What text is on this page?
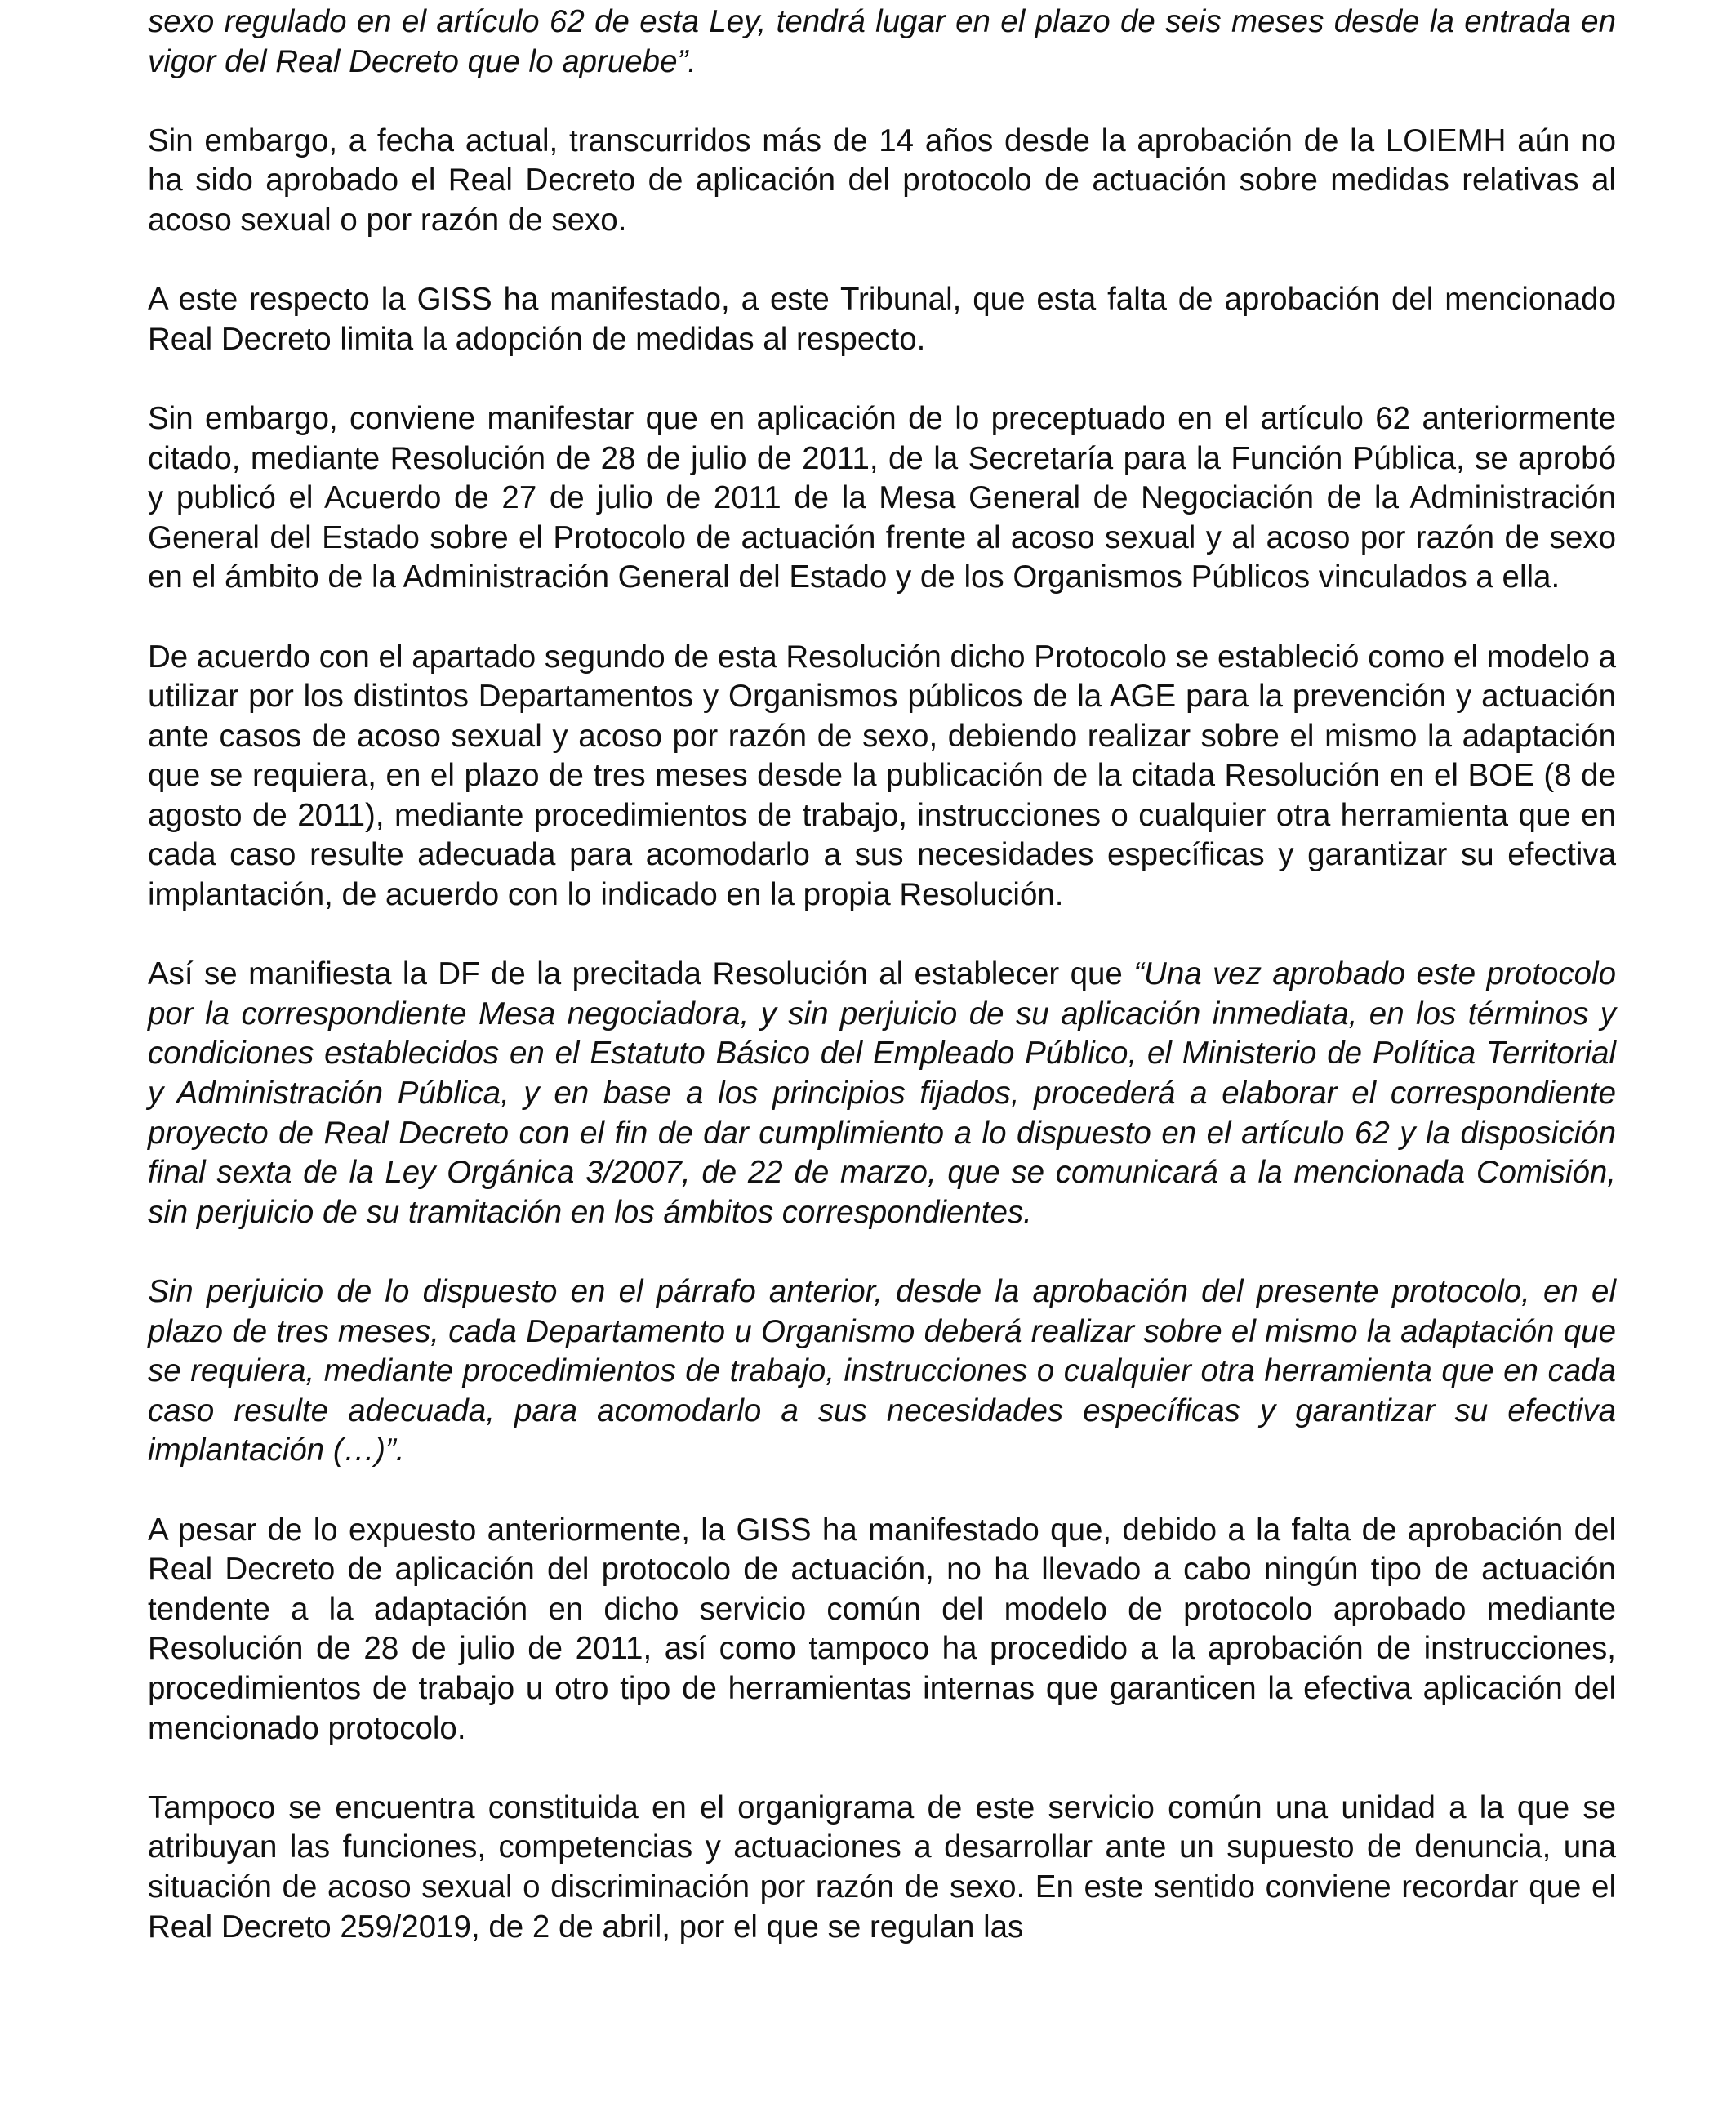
sexo regulado en el artículo 62 de esta Ley, tendrá lugar en el plazo de seis meses desde la entrada en vigor del Real Decreto que lo apruebe”.

Sin embargo, a fecha actual, transcurridos más de 14 años desde la aprobación de la LOIEMH aún no ha sido aprobado el Real Decreto de aplicación del protocolo de actuación sobre medidas relativas al acoso sexual o por razón de sexo.

A este respecto la GISS ha manifestado, a este Tribunal, que esta falta de aprobación del mencionado Real Decreto limita la adopción de medidas al respecto.

Sin embargo, conviene manifestar que en aplicación de lo preceptuado en el artículo 62 anteriormente citado, mediante Resolución de 28 de julio de 2011, de la Secretaría para la Función Pública, se aprobó y publicó el Acuerdo de 27 de julio de 2011 de la Mesa General de Negociación de la Administración General del Estado sobre el Protocolo de actuación frente al acoso sexual y al acoso por razón de sexo en el ámbito de la Administración General del Estado y de los Organismos Públicos vinculados a ella.

De acuerdo con el apartado segundo de esta Resolución dicho Protocolo se estableció como el modelo a utilizar por los distintos Departamentos y Organismos públicos de la AGE para la prevención y actuación ante casos de acoso sexual y acoso por razón de sexo, debiendo realizar sobre el mismo la adaptación que se requiera, en el plazo de tres meses desde la publicación de la citada Resolución en el BOE (8 de agosto de 2011), mediante procedimientos de trabajo, instrucciones o cualquier otra herramienta que en cada caso resulte adecuada para acomodarlo a sus necesidades específicas y garantizar su efectiva implantación, de acuerdo con lo indicado en la propia Resolución.

Así se manifiesta la DF de la precitada Resolución al establecer que “Una vez aprobado este protocolo por la correspondiente Mesa negociadora, y sin perjuicio de su aplicación inmediata, en los términos y condiciones establecidos en el Estatuto Básico del Empleado Público, el Ministerio de Política Territorial y Administración Pública, y en base a los principios fijados, procederá a elaborar el correspondiente proyecto de Real Decreto con el fin de dar cumplimiento a lo dispuesto en el artículo 62 y la disposición final sexta de la Ley Orgánica 3/2007, de 22 de marzo, que se comunicará a la mencionada Comisión, sin perjuicio de su tramitación en los ámbitos correspondientes.

Sin perjuicio de lo dispuesto en el párrafo anterior, desde la aprobación del presente protocolo, en el plazo de tres meses, cada Departamento u Organismo deberá realizar sobre el mismo la adaptación que se requiera, mediante procedimientos de trabajo, instrucciones o cualquier otra herramienta que en cada caso resulte adecuada, para acomodarlo a sus necesidades específicas y garantizar su efectiva implantación (…)”.

A pesar de lo expuesto anteriormente, la GISS ha manifestado que, debido a la falta de aprobación del Real Decreto de aplicación del protocolo de actuación, no ha llevado a cabo ningún tipo de actuación tendente a la adaptación en dicho servicio común del modelo de protocolo aprobado mediante Resolución de 28 de julio de 2011, así como tampoco ha procedido a la aprobación de instrucciones, procedimientos de trabajo u otro tipo de herramientas internas que garanticen la efectiva aplicación del mencionado protocolo.

Tampoco se encuentra constituida en el organigrama de este servicio común una unidad a la que se atribuyan las funciones, competencias y actuaciones a desarrollar ante un supuesto de denuncia, una situación de acoso sexual o discriminación por razón de sexo. En este sentido conviene recordar que el Real Decreto 259/2019, de 2 de abril, por el que se regulan las
